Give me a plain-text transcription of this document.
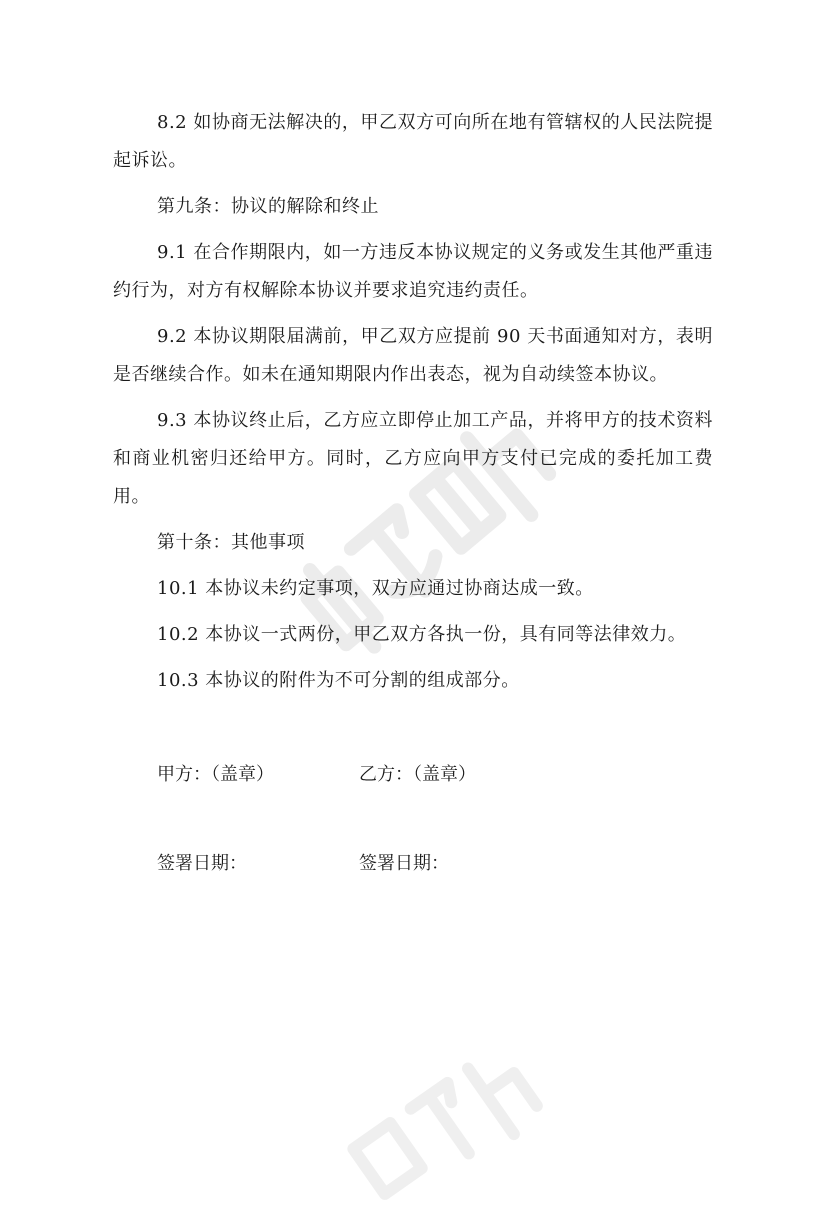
8.2 如协商无法解决的，甲乙双方可向所在地有管辖权的人民法院提起诉讼。

第九条：协议的解除和终止

9.1 在合作期限内，如一方违反本协议规定的义务或发生其他严重违约行为，对方有权解除本协议并要求追究违约责任。

9.2 本协议期限届满前，甲乙双方应提前 90 天书面通知对方，表明是否继续合作。如未在通知期限内作出表态，视为自动续签本协议。

9.3 本协议终止后，乙方应立即停止加工产品，并将甲方的技术资料和商业机密归还给甲方。同时，乙方应向甲方支付已完成的委托加工费用。

第十条：其他事项

10.1 本协议未约定事项，双方应通过协商达成一致。

10.2 本协议一式两份，甲乙双方各执一份，具有同等法律效力。

10.3 本协议的附件为不可分割的组成部分。

甲方：（盖章）	乙方：（盖章）
签署日期：	签署日期：
